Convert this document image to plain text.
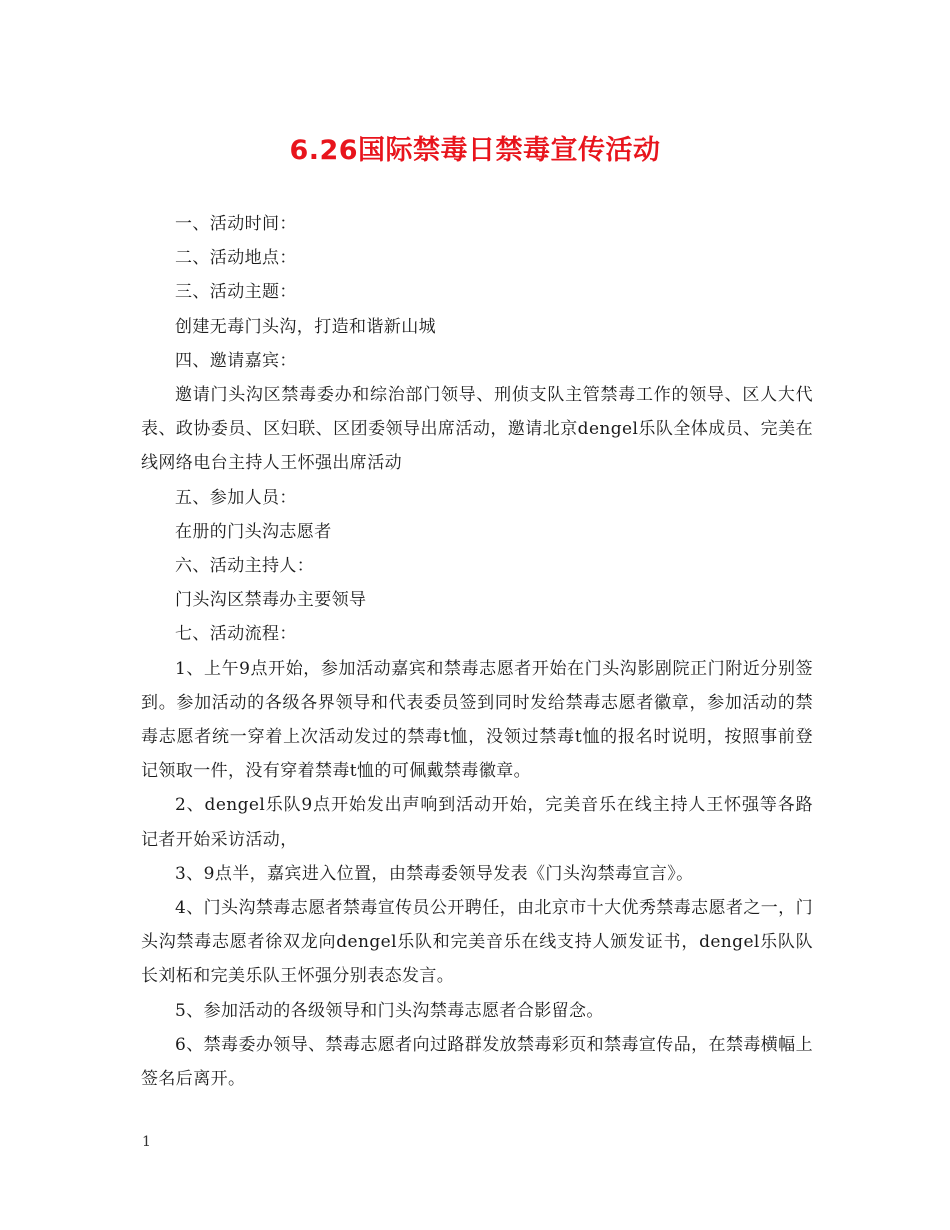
6.26国际禁毒日禁毒宣传活动

一、活动时间：

二、活动地点：

三、活动主题：

创建无毒门头沟，打造和谐新山城

四、邀请嘉宾：

邀请门头沟区禁毒委办和综治部门领导、刑侦支队主管禁毒工作的领导、区人大代表、政协委员、区妇联、区团委领导出席活动，邀请北京dengel乐队全体成员、完美在线网络电台主持人王怀强出席活动

五、参加人员：

在册的门头沟志愿者

六、活动主持人：

门头沟区禁毒办主要领导

七、活动流程：

1、上午9点开始，参加活动嘉宾和禁毒志愿者开始在门头沟影剧院正门附近分别签到。参加活动的各级各界领导和代表委员签到同时发给禁毒志愿者徽章，参加活动的禁毒志愿者统一穿着上次活动发过的禁毒t恤，没领过禁毒t恤的报名时说明，按照事前登记领取一件，没有穿着禁毒t恤的可佩戴禁毒徽章。

2、dengel乐队9点开始发出声响到活动开始，完美音乐在线主持人王怀强等各路记者开始采访活动，

3、9点半，嘉宾进入位置，由禁毒委领导发表《门头沟禁毒宣言》。

4、门头沟禁毒志愿者禁毒宣传员公开聘任，由北京市十大优秀禁毒志愿者之一，门头沟禁毒志愿者徐双龙向dengel乐队和完美音乐在线支持人颁发证书，dengel乐队队长刘柘和完美乐队王怀强分别表态发言。

5、参加活动的各级领导和门头沟禁毒志愿者合影留念。

6、禁毒委办领导、禁毒志愿者向过路群发放禁毒彩页和禁毒宣传品，在禁毒横幅上签名后离开。

1
